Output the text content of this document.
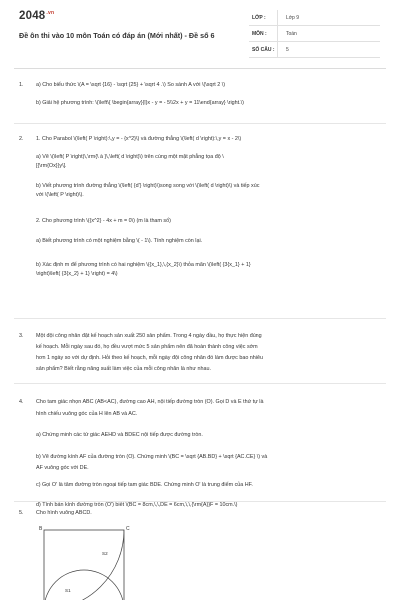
$2048^{.vn}$
Đề ôn thi vào 10 môn Toán có đáp án (Mới nhất) - Đề số 6
LỚP :	Lớp 9
MÔN :	Toán
SỐ CÂU :	5
1.	a) Cho biểu thức \(A = \sqrt {16} - \sqrt {25} + \sqrt 4 .\) So sánh A với \(\sqrt 2 \)
b) Giải hệ phương trình: \(\left\{ \begin{array}{l}x - y = - 5\\2x + y = 11\end{array} \right.\)
2.	1. Cho Parabol \(\left( P \right):\,y = - {x^2}\) và đường thẳng \(\left( d \right):\,y = x - 2\)
a) Vẽ \(\left( P \right)\,\rm{\ à }\,\left( d \right)\) trên cùng một mặt phẳng tọa độ \
[{\rm{Ox}}y\].
b) Viết phương trình đường thẳng \(\left( {d'} \right)\)song song với \(\left( d \right)\) và tiếp xúc
với \(\left( P \right)\).
2. Cho phương trình \({x^2} - 4x + m = 0\) (m là tham số)
a) Biết phương trình có một nghiệm bằng \( - 1\). Tính nghiệm còn lại.
b) Xác định m để phương trình có hai nghiệm \({x_1},\,{x_2}\) thỏa mãn \(\left( {3{x_1} + 1}
\right)\left( {3{x_2} + 1} \right) = 4\)
3.	Một đội công nhân đặt kế hoạch sản xuất 250 sản phẩm. Trong 4 ngày đầu, họ thực hiện đúng
kế hoạch. Mỗi ngày sau đó, họ đều vượt mức 5 sản phẩm nên đã hoàn thành công việc sớm
hơn 1 ngày so với dự định. Hỏi theo kế hoạch, mỗi ngày đội công nhân đó làm được bao nhiêu
sản phẩm? Biết rằng năng suất làm việc của mỗi công nhân là như nhau.
4.	Cho tam giác nhọn ABC (AB<AC), đường cao AH, nội tiếp đường tròn (O). Gọi D và E thứ tự là
hình chiếu vuông góc của H lên AB và AC.
a) Chứng minh các tứ giác AEHD và BDEC nội tiếp được đường tròn.
b) Vẽ đường kính AF của đường tròn (O). Chứng minh \(BC = \sqrt {AB.BD} + \sqrt {AC.CE} \) và
AF vuông góc với DE.
c) Gọi O' là tâm đường tròn ngoại tiếp tam giác BDE. Chứng minh O' là trung điểm của HF.
d) Tính bán kính đường tròn (O') biết \(BC = 8cm,\,\,DE = 6cm,\,\,{\rm{A}}F = 10cm.\)
5.	Cho hình vuông ABCD.
B	C
S2
S1
